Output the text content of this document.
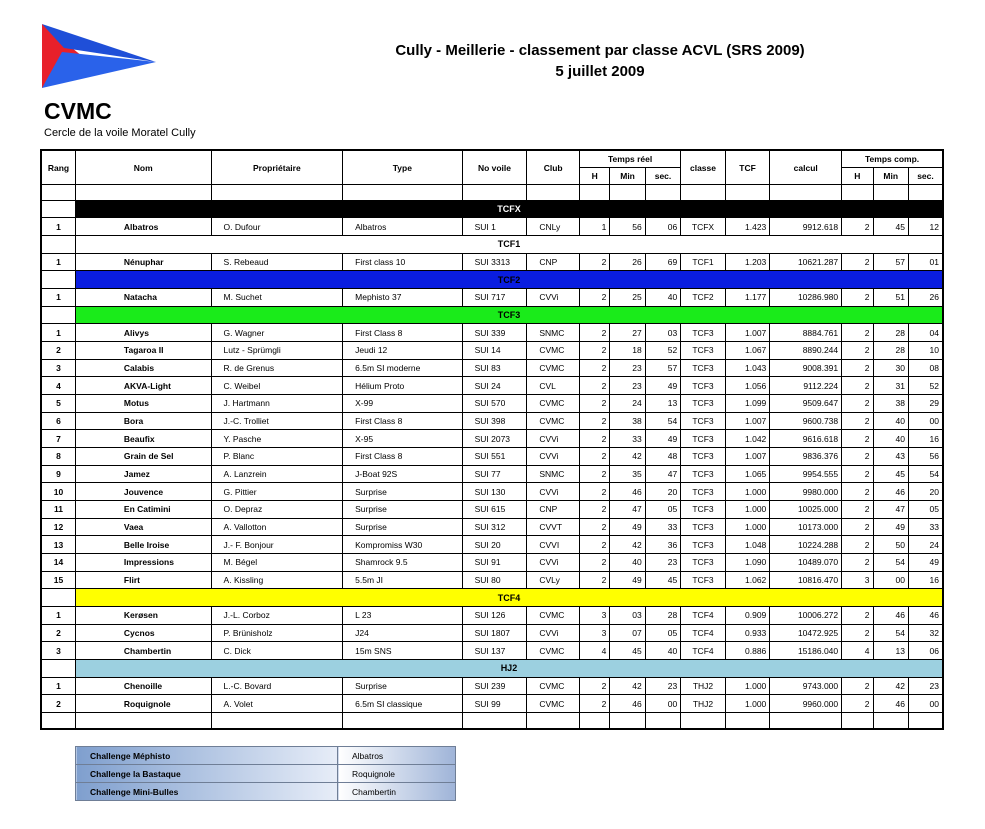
Cully - Meillerie - classement par classe ACVL (SRS 2009)
5 juillet 2009
CVMC
Cercle de la voile Moratel Cully
Rang	Nom	Propriétaire	Type	No voile	Club	Temps réel			classe	TCF	calcul	Temps comp.		
						H	Min	sec.				H	Min	sec.

	TCFX													
1	Albatros	O. Dufour	Albatros	SUI 1	CNLy	1	56	06	TCFX	1.423	9912.618	2	45	12
	TCF1													
1	Nénuphar	S. Rebeaud	First class 10	SUI 3313	CNP	2	26	69	TCF1	1.203	10621.287	2	57	01
	TCF2													
1	Natacha	M. Suchet	Mephisto 37	SUI 717	CVVi	2	25	40	TCF2	1.177	10286.980	2	51	26
	TCF3													
1	Alivys	G. Wagner	First Class 8	SUI 339	SNMC	2	27	03	TCF3	1.007	8884.761	2	28	04
2	Tagaroa II	Lutz - Sprümgli	Jeudi 12	SUI 14	CVMC	2	18	52	TCF3	1.067	8890.244	2	28	10
3	Calabis	R. de Grenus	6.5m SI moderne	SUI 83	CVMC	2	23	57	TCF3	1.043	9008.391	2	30	08
4	AKVA-Light	C. Weibel	Hélium Proto	SUI 24	CVL	2	23	49	TCF3	1.056	9112.224	2	31	52
5	Motus	J. Hartmann	X-99	SUI 570	CVMC	2	24	13	TCF3	1.099	9509.647	2	38	29
6	Bora	J.-C. Trolliet	First Class 8	SUI 398	CVMC	2	38	54	TCF3	1.007	9600.738	2	40	00
7	Beaufix	Y. Pasche	X-95	SUI 2073	CVVi	2	33	49	TCF3	1.042	9616.618	2	40	16
8	Grain de Sel	P. Blanc	First Class 8	SUI 551	CVVi	2	42	48	TCF3	1.007	9836.376	2	43	56
9	Jamez	A. Lanzrein	J-Boat 92S	SUI 77	SNMC	2	35	47	TCF3	1.065	9954.555	2	45	54
10	Jouvence	G. Pittier	Surprise	SUI 130	CVVi	2	46	20	TCF3	1.000	9980.000	2	46	20
11	En Catimini	O. Depraz	Surprise	SUI 615	CNP	2	47	05	TCF3	1.000	10025.000	2	47	05
12	Vaea	A. Vallotton	Surprise	SUI 312	CVVT	2	49	33	TCF3	1.000	10173.000	2	49	33
13	Belle Iroise	J.- F. Bonjour	Kompromiss W30	SUI 20	CVVI	2	42	36	TCF3	1.048	10224.288	2	50	24
14	Impressions	M. Bégel	Shamrock 9.5	SUI 91	CVVi	2	40	23	TCF3	1.090	10489.070	2	54	49
15	Flirt	A. Kissling	5.5m JI	SUI 80	CVLy	2	49	45	TCF3	1.062	10816.470	3	00	16
	TCF4													
1	Kerøsen	J.-L. Corboz	L 23	SUI 126	CVMC	3	03	28	TCF4	0.909	10006.272	2	46	46
2	Cycnos	P. Brünisholz	J24	SUI 1807	CVVi	3	07	05	TCF4	0.933	10472.925	2	54	32
3	Chambertin	C. Dick	15m SNS	SUI 137	CVMC	4	45	40	TCF4	0.886	15186.040	4	13	06
	HJ2													
1	Chenoille	L.-C. Bovard	Surprise	SUI 239	CVMC	2	42	23	THJ2	1.000	9743.000	2	42	23
2	Roquignole	A. Volet	6.5m SI classique	SUI 99	CVMC	2	46	00	THJ2	1.000	9960.000	2	46	00

Challenge Méphisto	Albatros
Challenge la Bastaque	Roquignole
Challenge Mini-Bulles	Chambertin
